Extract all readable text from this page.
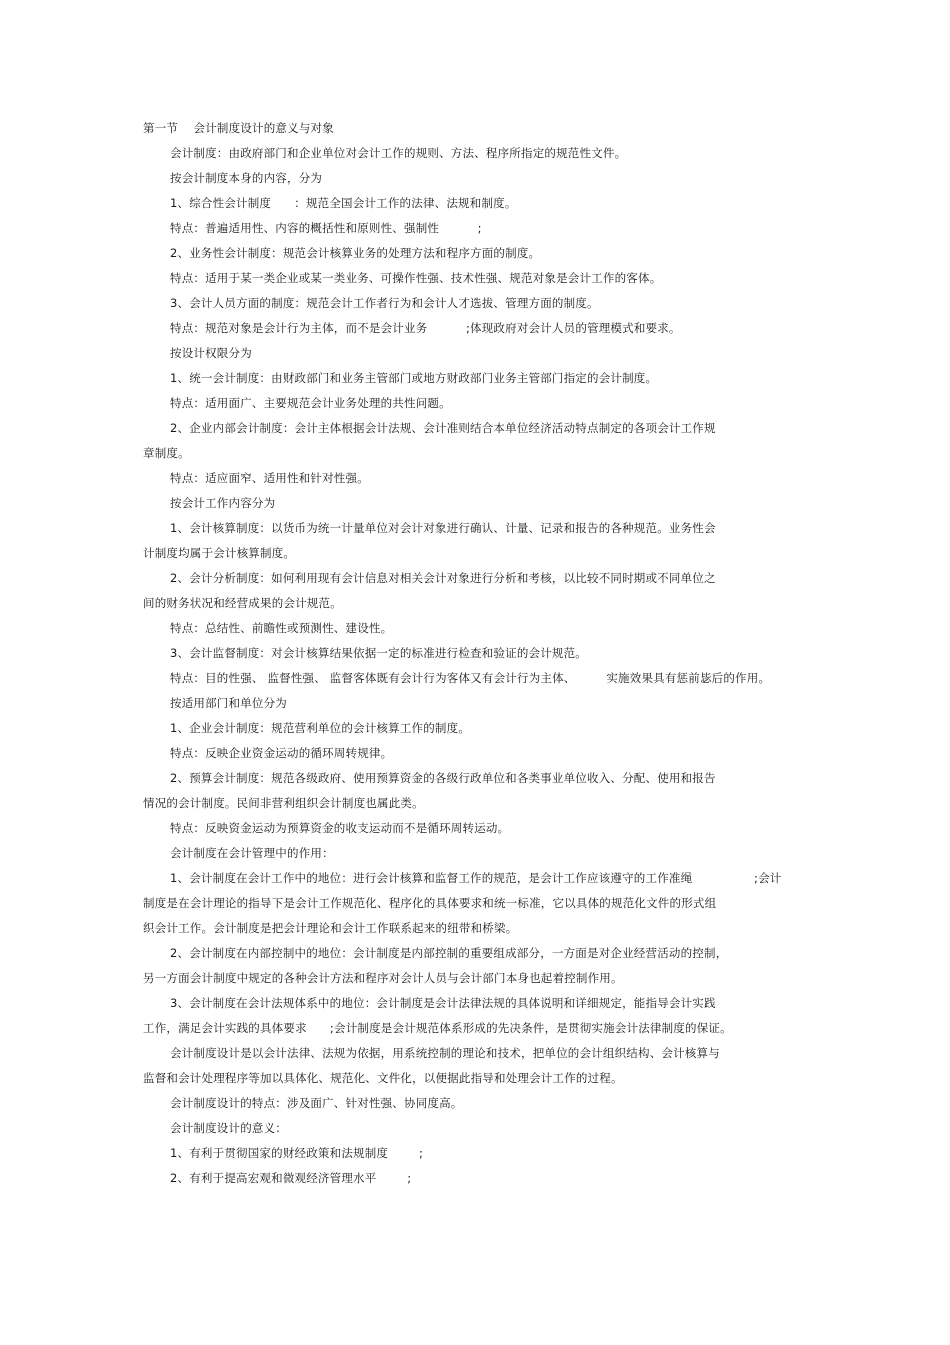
第一节    会计制度设计的意义与对象
会计制度：由政府部门和企业单位对会计工作的规则、方法、程序所指定的规范性文件。
按会计制度本身的内容，分为
1、综合性会计制度      ：规范全国会计工作的法律、法规和制度。
特点：普遍适用性、内容的概括性和原则性、强制性          ;
2、业务性会计制度：规范会计核算业务的处理方法和程序方面的制度。
特点：适用于某一类企业或某一类业务、可操作性强、技术性强、规范对象是会计工作的客体。
3、会计人员方面的制度：规范会计工作者行为和会计人才选拔、管理方面的制度。
特点：规范对象是会计行为主体，而不是会计业务          ;体现政府对会计人员的管理模式和要求。
按设计权限分为
1、统一会计制度：由财政部门和业务主管部门或地方财政部门业务主管部门指定的会计制度。
特点：适用面广、主要规范会计业务处理的共性问题。
2、企业内部会计制度：会计主体根据会计法规、会计准则结合本单位经济活动特点制定的各项会计工作规
章制度。
特点：适应面窄、适用性和针对性强。
按会计工作内容分为
1、会计核算制度：以货币为统一计量单位对会计对象进行确认、计量、记录和报告的各种规范。业务性会
计制度均属于会计核算制度。
2、会计分析制度：如何利用现有会计信息对相关会计对象进行分析和考核，以比较不同时期或不同单位之
间的财务状况和经营成果的会计规范。
特点：总结性、前瞻性或预测性、建设性。
3、会计监督制度：对会计核算结果依据一定的标准进行检查和验证的会计规范。
特点：目的性强、 监督性强、 监督客体既有会计行为客体又有会计行为主体、        实施效果具有惩前毖后的作用。
按适用部门和单位分为
1、企业会计制度：规范营利单位的会计核算工作的制度。
特点：反映企业资金运动的循环周转规律。
2、预算会计制度：规范各级政府、使用预算资金的各级行政单位和各类事业单位收入、分配、使用和报告
情况的会计制度。民间非营利组织会计制度也属此类。
特点：反映资金运动为预算资金的收支运动而不是循环周转运动。
会计制度在会计管理中的作用：
1、会计制度在会计工作中的地位：进行会计核算和监督工作的规范，是会计工作应该遵守的工作准绳                ;会计
制度是在会计理论的指导下是会计工作规范化、程序化的具体要求和统一标准，它以具体的规范化文件的形式组
织会计工作。会计制度是把会计理论和会计工作联系起来的纽带和桥梁。
2、会计制度在内部控制中的地位：会计制度是内部控制的重要组成部分，一方面是对企业经营活动的控制，
另一方面会计制度中规定的各种会计方法和程序对会计人员与会计部门本身也起着控制作用。
3、会计制度在会计法规体系中的地位：会计制度是会计法律法规的具体说明和详细规定，能指导会计实践
工作，满足会计实践的具体要求      ;会计制度是会计规范体系形成的先决条件，是贯彻实施会计法律制度的保证。
会计制度设计是以会计法律、法规为依据，用系统控制的理论和技术，把单位的会计组织结构、会计核算与
监督和会计处理程序等加以具体化、规范化、文件化，以便据此指导和处理会计工作的过程。
会计制度设计的特点：涉及面广、针对性强、协同度高。
会计制度设计的意义：
1、有利于贯彻国家的财经政策和法规制度        ;
2、有利于提高宏观和微观经济管理水平        ;
